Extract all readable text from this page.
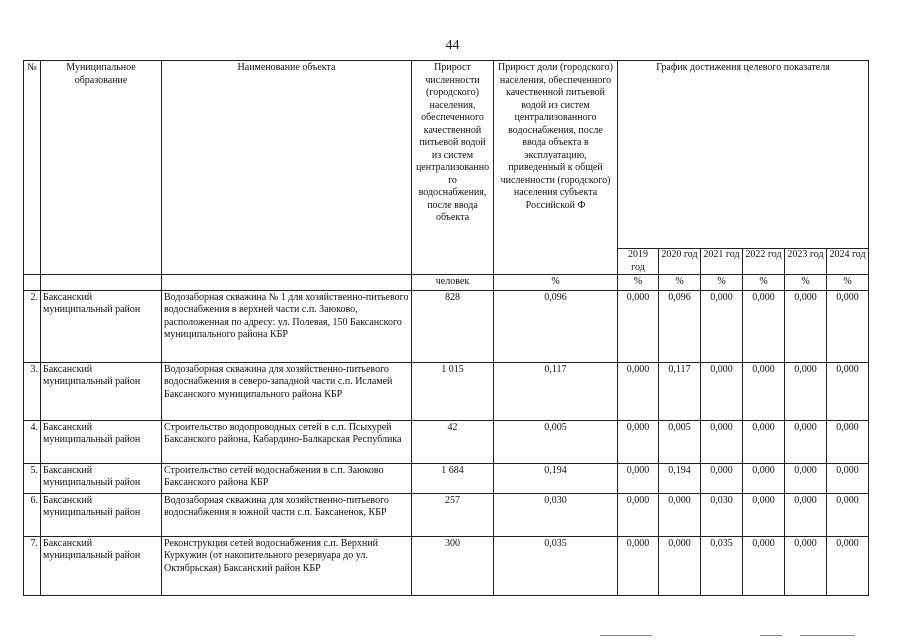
44
№	Муниципальное образование	Наименование объекта	Прирост численности (городского) населения, обеспеченного качественной питьевой водой из систем централизованного водоснабжения, после ввода объекта	Прирост доли (городского) населения, обеспеченного качественной питьевой водой из систем централизованного водоснабжения, после ввода объекта в эксплуатацию, приведенный к общей численности (городского) населения субъекта Российской Ф	График достижения целевого показателя					
					2019 год	2020 год	2021 год	2022 год	2023 год	2024 год
			человек	%	%	%	%	%	%	%
2.	Баксанский муниципальный район	Водозаборная скважина № 1 для хозяйственно-питьевого водоснабжения в верхней части с.п. Заюково, расположенная по адресу: ул. Полевая, 150 Баксанского муниципального района КБР	828	0,096	0,000	0,096	0,000	0,000	0,000	0,000
3.	Баксанский муниципальный район	Водозаборная скважина для хозяйственно-питьевого водоснабжения в северо-западной части с.п. Исламей Баксанского муниципального района КБР	1 015	0,117	0,000	0,117	0,000	0,000	0,000	0,000
4.	Баксанский муниципальный район	Строительство водопроводных сетей в с.п. Псыхурей Баксанского района, Кабардино-Балкарская Республика	42	0,005	0,000	0,005	0,000	0,000	0,000	0,000
5.	Баксанский муниципальный район	Строительство сетей водоснабжения в с.п. Заюково Баксанского района КБР	1 684	0,194	0,000	0,194	0,000	0,000	0,000	0,000
6.	Баксанский муниципальный район	Водозаборная скважина для хозяйственно-питьевого водоснабжения в южной части с.п. Баксаненок, КБР	257	0,030	0,000	0,000	0,030	0,000	0,000	0,000
7.	Баксанский муниципальный район	Реконструкция сетей водоснабжения с.п. Верхний Куркужин (от накопительного резервуара до ул. Октябрьская) Баксанский район КБР	300	0,035	0,000	0,000	0,035	0,000	0,000	0,000
